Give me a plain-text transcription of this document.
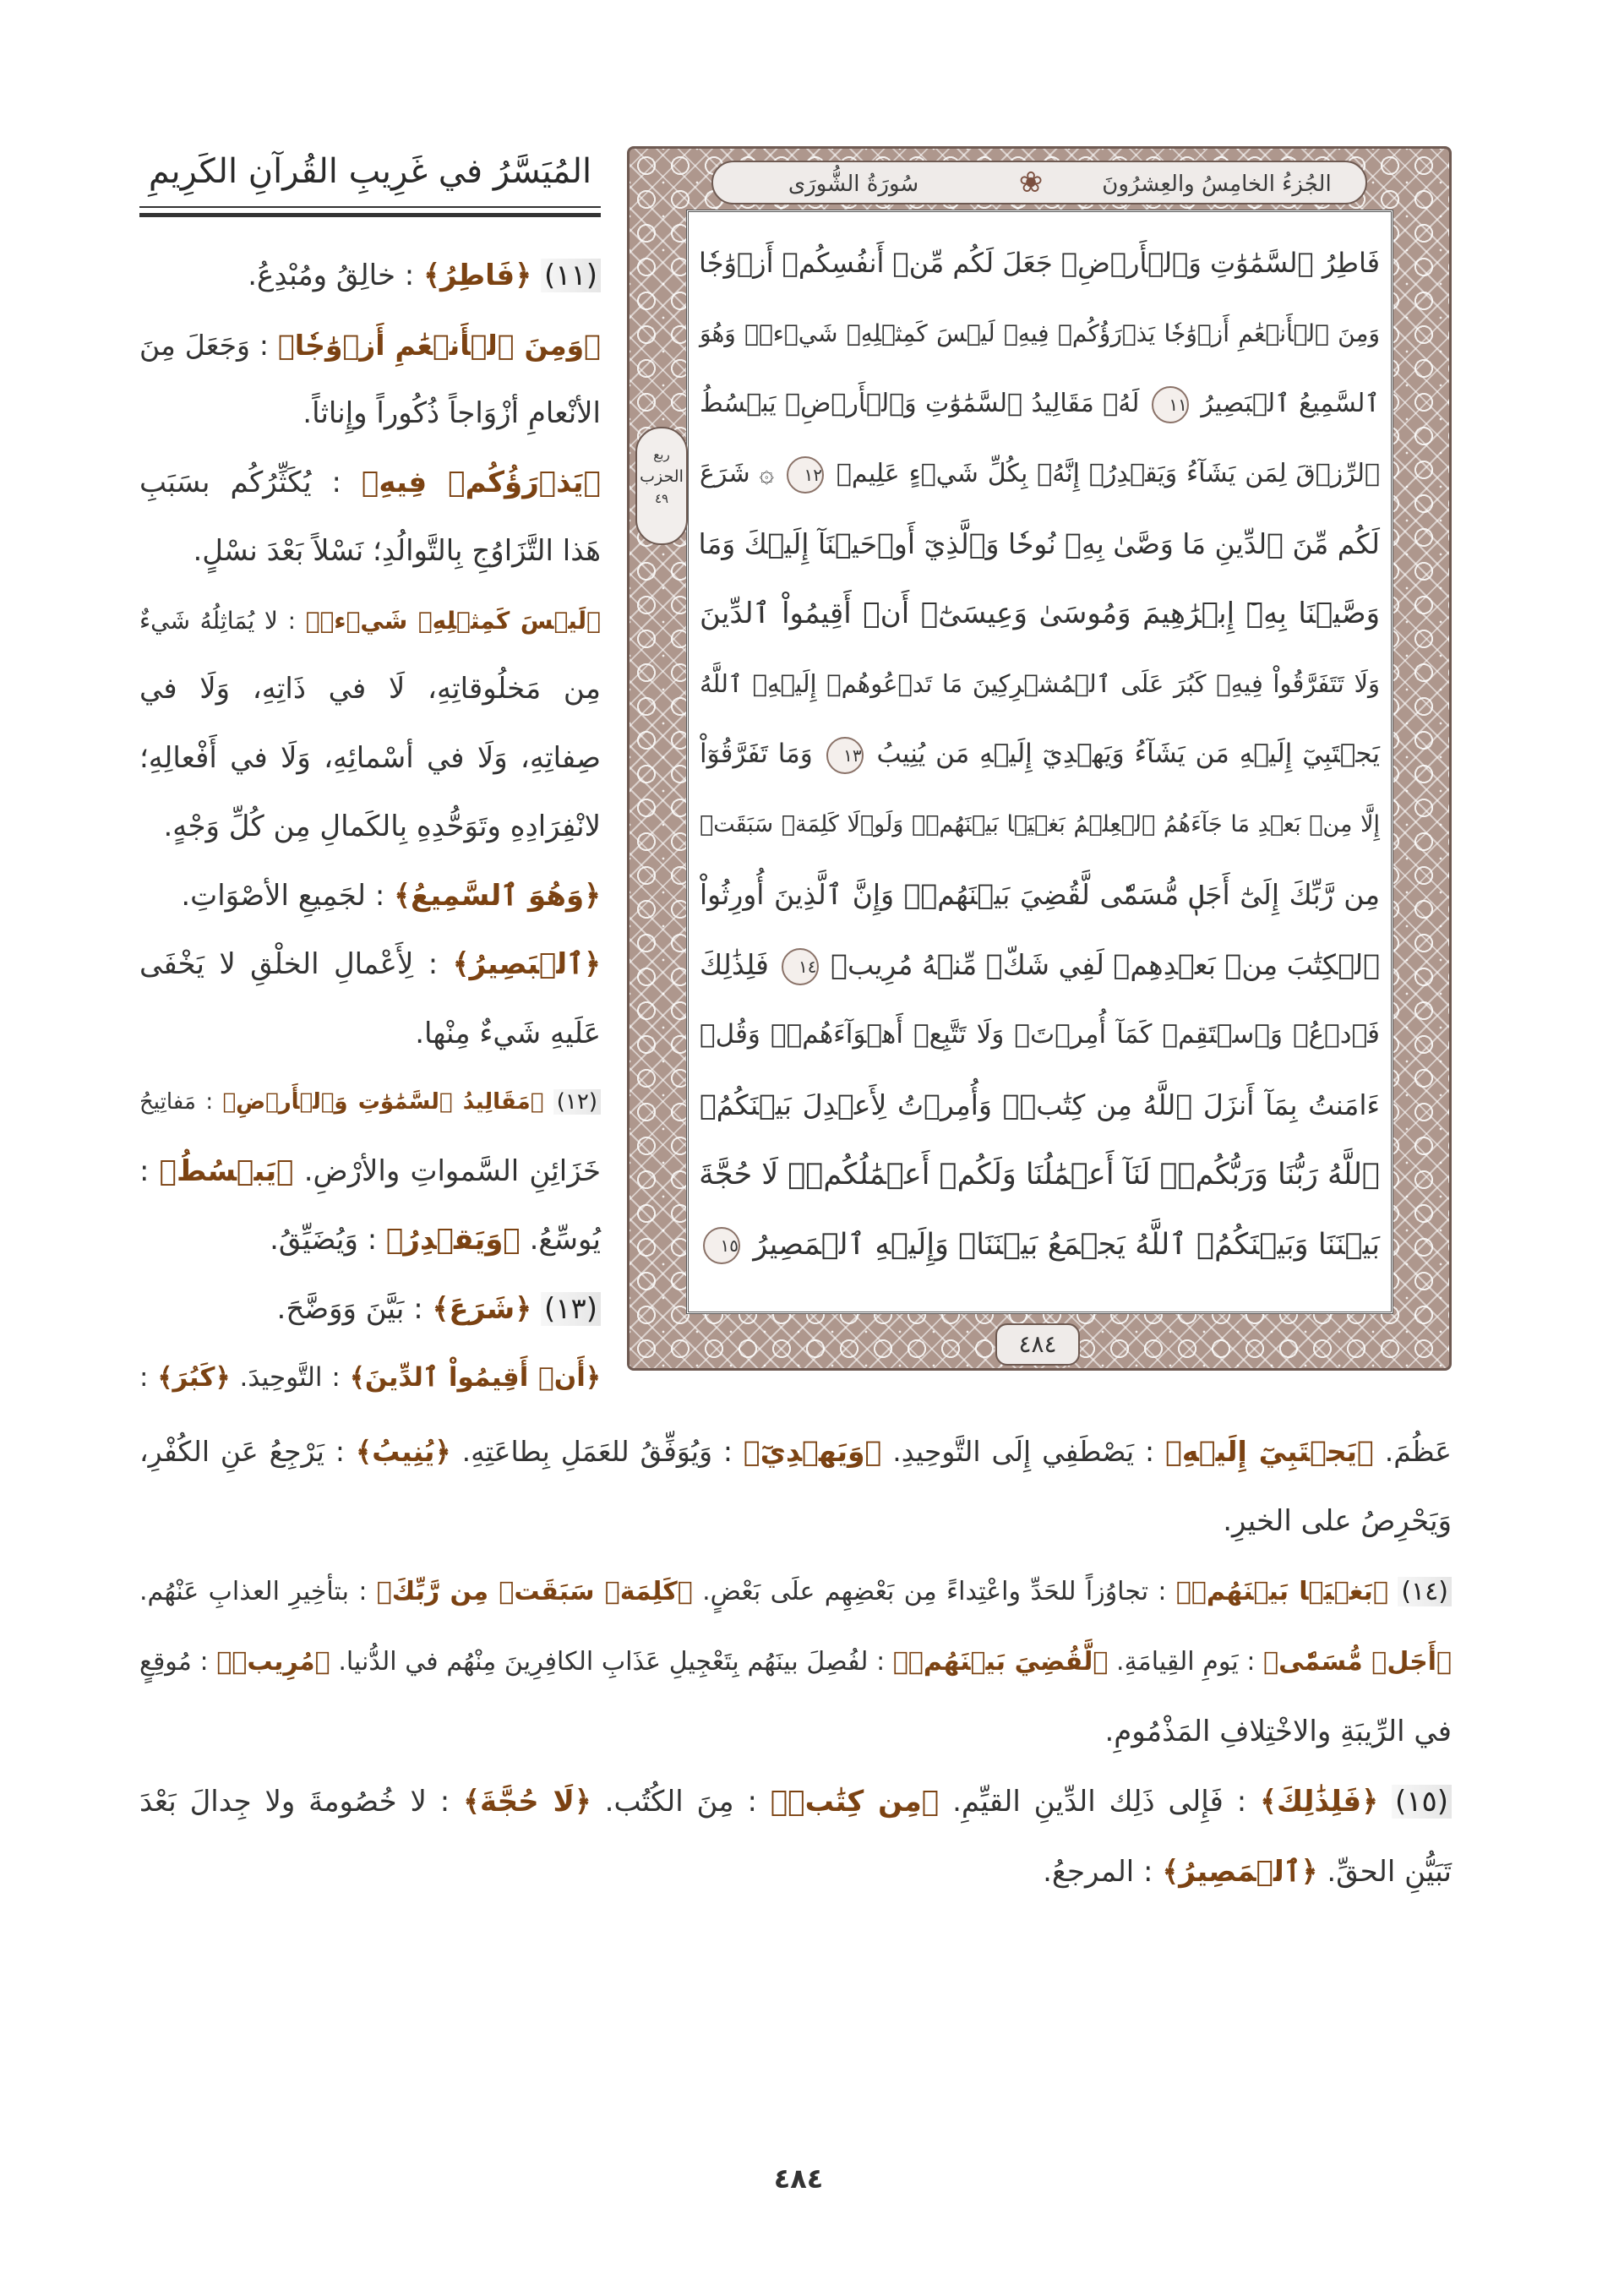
المُيَسَّرُ في غَرِيبِ القُرآنِ الكَرِيمِ	الجُزءُ الخامِسُ والعِشرُونَ
❀
سُورَةُ الشُّورَى
فَاطِرُ ٱلسَّمَٰوَٰتِ وَٱلۡأَرۡضِۚ جَعَلَ لَكُم مِّنۡ أَنفُسِكُمۡ أَزۡوَٰجٗا
وَمِنَ ٱلۡأَنۡعَٰمِ أَزۡوَٰجٗا يَذۡرَؤُكُمۡ فِيهِۚ لَيۡسَ كَمِثۡلِهِۦ شَيۡءٞۖ وَهُوَ
ٱلسَّمِيعُ ٱلۡبَصِيرُ ١١ لَهُۥ مَقَالِيدُ ٱلسَّمَٰوَٰتِ وَٱلۡأَرۡضِۖ يَبۡسُطُ
ٱلرِّزۡقَ لِمَن يَشَآءُ وَيَقۡدِرُۚ إِنَّهُۥ بِكُلِّ شَيۡءٍ عَلِيمٞ ١٢ ۞ شَرَعَ
لَكُم مِّنَ ٱلدِّينِ مَا وَصَّىٰ بِهِۦ نُوحٗا وَٱلَّذِيٓ أَوۡحَيۡنَآ إِلَيۡكَ وَمَا
وَصَّيۡنَا بِهِۦٓ إِبۡرَٰهِيمَ وَمُوسَىٰ وَعِيسَىٰٓۖ أَنۡ أَقِيمُواْ ٱلدِّينَ
وَلَا تَتَفَرَّقُواْ فِيهِۚ كَبُرَ عَلَى ٱلۡمُشۡرِكِينَ مَا تَدۡعُوهُمۡ إِلَيۡهِۚ ٱللَّهُ
يَجۡتَبِيٓ إِلَيۡهِ مَن يَشَآءُ وَيَهۡدِيٓ إِلَيۡهِ مَن يُنِيبُ ١٣ وَمَا تَفَرَّقُوٓاْ
إِلَّا مِنۢ بَعۡدِ مَا جَآءَهُمُ ٱلۡعِلۡمُ بَغۡيَۢا بَيۡنَهُمۡۚ وَلَوۡلَا كَلِمَةٞ سَبَقَتۡ
مِن رَّبِّكَ إِلَىٰٓ أَجَلٖ مُّسَمّٗى لَّقُضِيَ بَيۡنَهُمۡۚ وَإِنَّ ٱلَّذِينَ أُورِثُواْ
ٱلۡكِتَٰبَ مِنۢ بَعۡدِهِمۡ لَفِي شَكّٖ مِّنۡهُ مُرِيبٖ ١٤ فَلِذَٰلِكَ
فَٱدۡعُۖ وَٱسۡتَقِمۡ كَمَآ أُمِرۡتَۖ وَلَا تَتَّبِعۡ أَهۡوَآءَهُمۡۖ وَقُلۡ
ءَامَنتُ بِمَآ أَنزَلَ ٱللَّهُ مِن كِتَٰبٖۖ وَأُمِرۡتُ لِأَعۡدِلَ بَيۡنَكُمُۖ
ٱللَّهُ رَبُّنَا وَرَبُّكُمۡۖ لَنَآ أَعۡمَٰلُنَا وَلَكُمۡ أَعۡمَٰلُكُمۡۖ لَا حُجَّةَ
بَيۡنَنَا وَبَيۡنَكُمُۖ ٱللَّهُ يَجۡمَعُ بَيۡنَنَاۖ وَإِلَيۡهِ ٱلۡمَصِيرُ ١٥
ربع
الحزب
٤٩
٤٨٤
(١١) ﴿فَاطِرُ﴾ : خالِقُ ومُبْدِعُ.
﴿وَمِنَ ٱلۡأَنۡعَٰمِ أَزۡوَٰجٗا﴾ : وَجَعَلَ مِنَ
الأنْعامِ أزْوَاجاً ذُكُوراً وإِناثاً.
﴿يَذۡرَؤُكُمۡ فِيهِ﴾ : يُكَثِّرُكُم بسَبَبِ
هَذا التَّزَاوُجِ بِالتَّوالُدِ؛ نَسْلاً بَعْدَ نسْلٍ.
﴿لَيۡسَ كَمِثۡلِهِۦ شَيۡءٞ﴾ : لا يُمَاثِلُهُ شَيءٌ
مِن مَخلُوقاتِهِ، لَا في ذَاتِهِ، وَلَا في
صِفاتِهِ، وَلَا في أسْمائِهِ، وَلَا في أَفْعالِهِ؛
لانْفِرَادِهِ وتَوَحُّدِهِ بِالكَمالِ مِن كُلِّ وَجْهٍ.
﴿وَهُوَ ٱلسَّمِيعُ﴾ : لجَمِيعِ الأصْوَاتِ.
﴿ٱلۡبَصِيرُ﴾ : لِأَعْمالِ الخلْقِ لا يَخْفَى
عَلَيهِ شَيءٌ مِنْها.
(١٢) ﴿مَقَالِيدُ ٱلسَّمَٰوَٰتِ وَٱلۡأَرۡضِ﴾ : مَفاتِيحُ
خَزَائِنِ السَّمواتِ والأرْضِ. ﴿يَبۡسُطُ﴾ :
يُوسِّعُ. ﴿وَيَقۡدِرُ﴾ : وَيُضَيِّقُ.
(١٣) ﴿شَرَعَ﴾ : بَيَّنَ وَوَضَّحَ.
﴿أَنۡ أَقِيمُواْ ٱلدِّينَ﴾ : التَّوحِيدَ. ﴿كَبُرَ﴾ :
عَظُمَ. ﴿يَجۡتَبِيٓ إِلَيۡهِ﴾ : يَصْطَفِي إِلَى التَّوحِيدِ. ﴿وَيَهۡدِيٓ﴾ : وَيُوَفِّقُ للعَمَلِ بِطاعَتِهِ. ﴿يُنِيبُ﴾ : يَرْجِعُ عَنِ الكُفْرِ،
وَيَحْرِصُ على الخيرِ.
(١٤) ﴿بَغۡيَۢا بَيۡنَهُمۡ﴾ : تجاوُزاً للحَدِّ واعْتِداءً مِن بَعْضِهِم علَى بَعْضٍ. ﴿كَلِمَةٞ سَبَقَتۡ مِن رَّبِّكَ﴾ : بتأخِيرِ العذابِ عَنْهُم.
﴿أَجَلٖ مُّسَمّٗى﴾ : يَومِ القِيامَةِ. ﴿لَّقُضِيَ بَيۡنَهُمۡ﴾ : لفُصِلَ بينَهُم بِتَعْجِيلِ عَذَابِ الكافِرِينَ مِنْهُم في الدُّنيا. ﴿مُرِيبٖ﴾ : مُوقِعٍ
في الرِّيبَةِ والاخْتِلافِ المَذْمُومِ.
(١٥) ﴿فَلِذَٰلِكَ﴾ : فَإِلى ذَلِك الدِّينِ القيِّمِ. ﴿مِن كِتَٰبٖ﴾ : مِنَ الكُتُب. ﴿لَا حُجَّةَ﴾ : لا خُصُومةَ ولا جِدالَ بَعْدَ
تَبَيُّنِ الحقِّ. ﴿ٱلۡمَصِيرُ﴾ : المرجعُ.
٤٨٤
